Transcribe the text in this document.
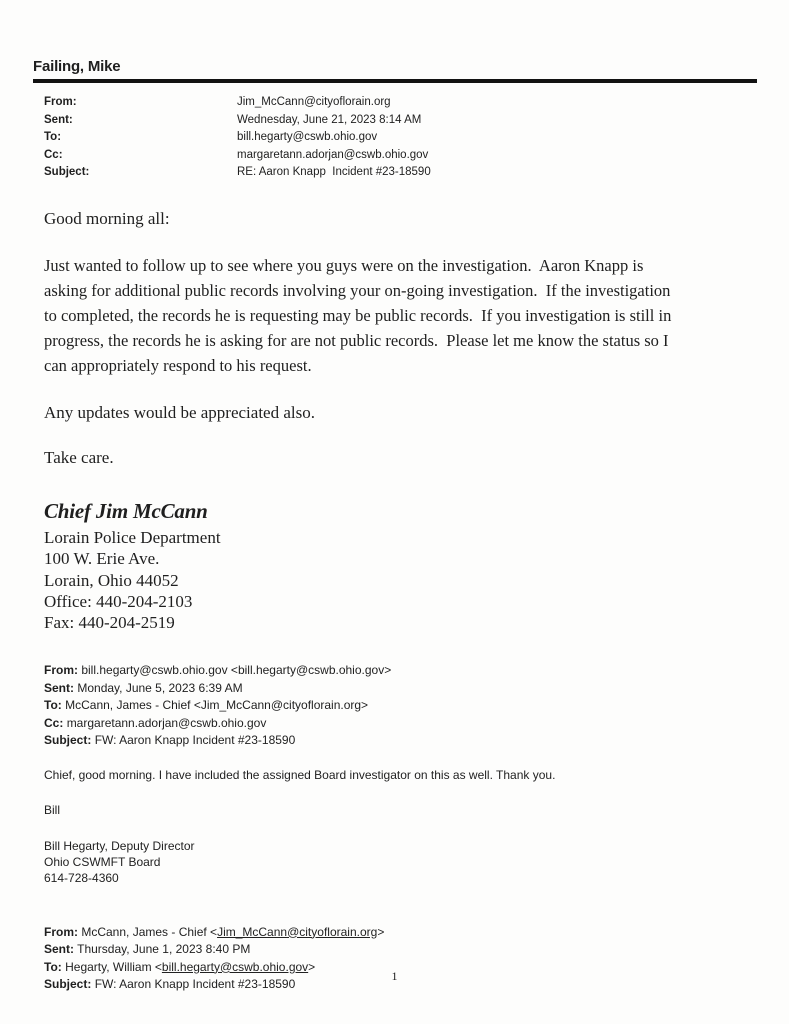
Failing, Mike
From:	Jim_McCann@cityoflorain.org
Sent:	Wednesday, June 21, 2023 8:14 AM
To:	bill.hegarty@cswb.ohio.gov
Cc:	margaretann.adorjan@cswb.ohio.gov
Subject:	RE: Aaron Knapp  Incident #23-18590
Good morning all:
Just wanted to follow up to see where you guys were on the investigation.  Aaron Knapp is
asking for additional public records involving your on-going investigation.  If the investigation
to completed, the records he is requesting may be public records.  If you investigation is still in
progress, the records he is asking for are not public records.  Please let me know the status so I
can appropriately respond to his request.
Any updates would be appreciated also.
Take care.
Chief Jim McCann
Lorain Police Department
100 W. Erie Ave.
Lorain, Ohio 44052
Office: 440-204-2103
Fax: 440-204-2519
From: bill.hegarty@cswb.ohio.gov <bill.hegarty@cswb.ohio.gov>
Sent: Monday, June 5, 2023 6:39 AM
To: McCann, James - Chief <Jim_McCann@cityoflorain.org>
Cc: margaretann.adorjan@cswb.ohio.gov
Subject: FW: Aaron Knapp Incident #23-18590
Chief, good morning. I have included the assigned Board investigator on this as well. Thank you.
Bill
Bill Hegarty, Deputy Director
Ohio CSWMFT Board
614-728-4360
From: McCann, James - Chief <Jim_McCann@cityoflorain.org>
Sent: Thursday, June 1, 2023 8:40 PM
To: Hegarty, William <bill.hegarty@cswb.ohio.gov>
Subject: FW: Aaron Knapp Incident #23-18590
1
